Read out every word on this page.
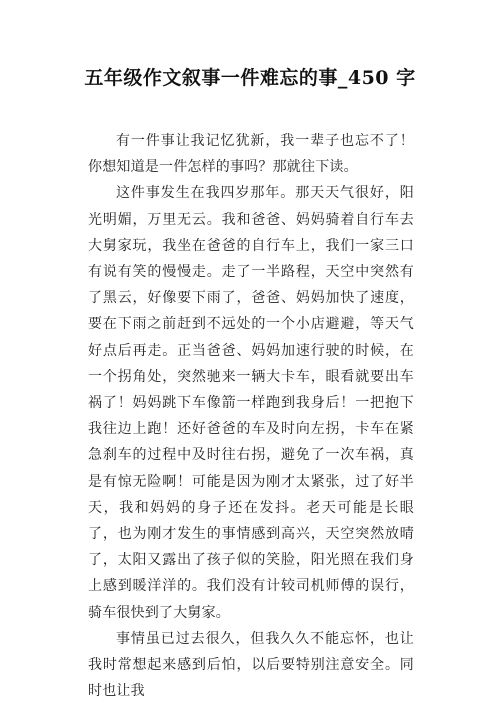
五年级作文叙事一件难忘的事_450 字

有一件事让我记忆犹新，我一辈子也忘不了！你想知道是一件怎样的事吗？那就往下读。

这件事发生在我四岁那年。那天天气很好，阳光明媚，万里无云。我和爸爸、妈妈骑着自行车去大舅家玩，我坐在爸爸的自行车上，我们一家三口有说有笑的慢慢走。走了一半路程，天空中突然有了黑云，好像要下雨了，爸爸、妈妈加快了速度，要在下雨之前赶到不远处的一个小店避避，等天气好点后再走。正当爸爸、妈妈加速行驶的时候，在一个拐角处，突然驰来一辆大卡车，眼看就要出车祸了！妈妈跳下车像箭一样跑到我身后！一把抱下我往边上跑！还好爸爸的车及时向左拐，卡车在紧急刹车的过程中及时往右拐，避免了一次车祸，真是有惊无险啊！可能是因为刚才太紧张，过了好半天，我和妈妈的身子还在发抖。老天可能是长眼了，也为刚才发生的事情感到高兴，天空突然放晴了，太阳又露出了孩子似的笑脸，阳光照在我们身上感到暖洋洋的。我们没有计较司机师傅的误行，骑车很快到了大舅家。

事情虽已过去很久，但我久久不能忘怀，也让我时常想起来感到后怕，以后要特别注意安全。同时也让我
